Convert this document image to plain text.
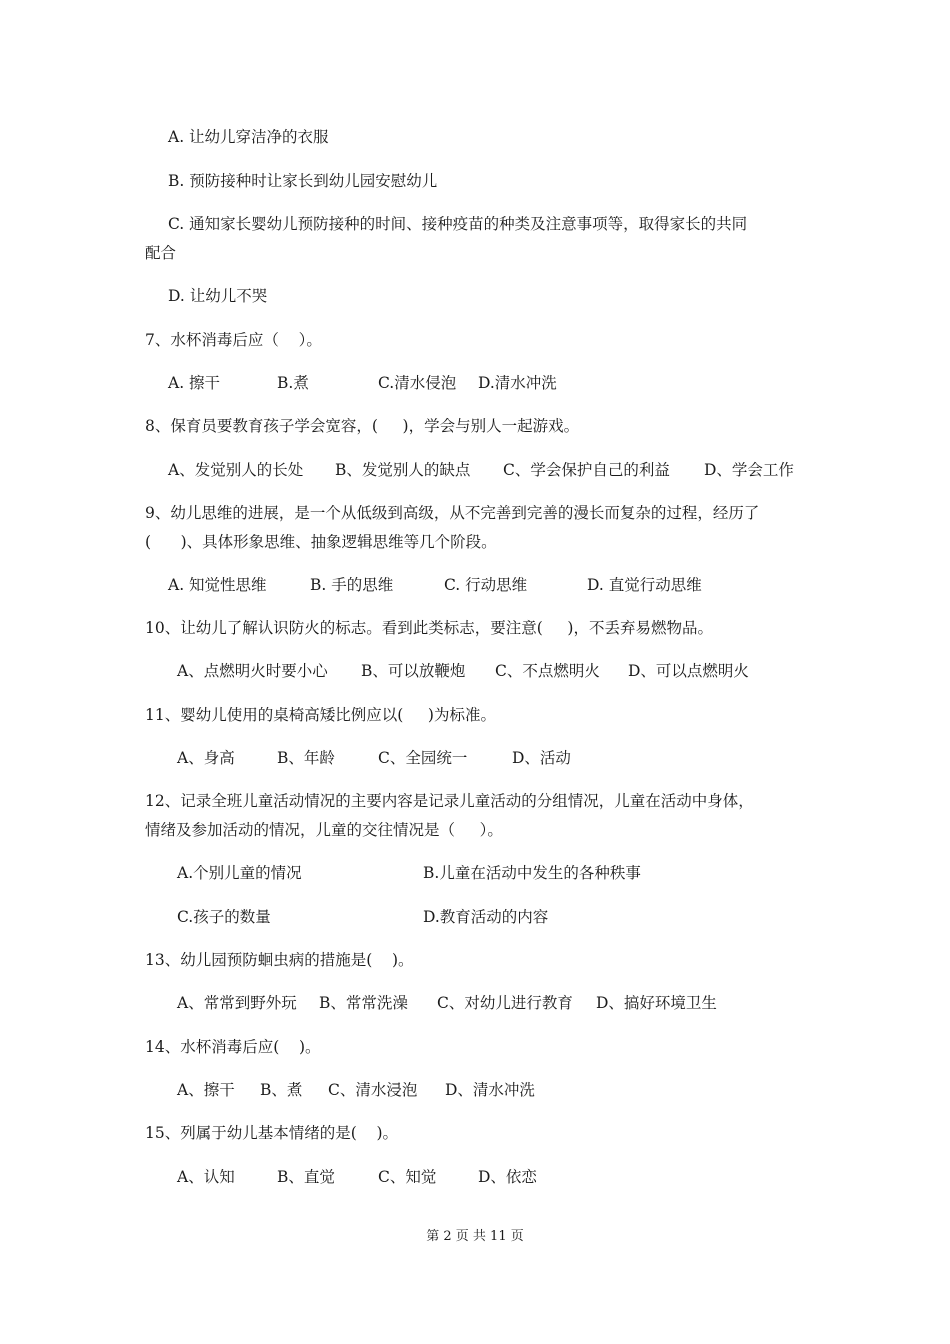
A. 让幼儿穿洁净的衣服
B. 预防接种时让家长到幼儿园安慰幼儿
C. 通知家长婴幼儿预防接种的时间、接种疫苗的种类及注意事项等，取得家长的共同
配合
D. 让幼儿不哭
7、水杯消毒后应（    ）。
A. 擦干	B.煮	C.清水侵泡 D.清水冲洗
8、保育员要教育孩子学会宽容，(     )，学会与别人一起游戏。
A、发觉别人的长处 B、发觉别人的缺点 C、学会保护自己的利益 D、学会工作
9、幼儿思维的进展，是一个从低级到高级，从不完善到完善的漫长而复杂的过程，经历了
(      )、具体形象思维、抽象逻辑思维等几个阶段。
A. 知觉性思维	B. 手的思维	C. 行动思维	D. 直觉行动思维
10、让幼儿了解认识防火的标志。看到此类标志，要注意(     )，不丢弃易燃物品。
A、点燃明火时要小心 B、可以放鞭炮 C、不点燃明火 D、可以点燃明火
11、婴幼儿使用的桌椅高矮比例应以(     )为标准。
A、身高	B、年龄	C、全园统一	D、活动
12、记录全班儿童活动情况的主要内容是记录儿童活动的分组情况，儿童在活动中身体，
情绪及参加活动的情况，儿童的交往情况是（     ）。
A.个别儿童的情况	B.儿童在活动中发生的各种秩事
C.孩子的数量	D.教育活动的内容
13、幼儿园预防蛔虫病的措施是(    )。
A、常常到野外玩 B、常常洗澡 C、对幼儿进行教育 D、搞好环境卫生
14、水杯消毒后应(    )。
A、擦干 B、煮 C、清水浸泡 D、清水冲洗
15、列属于幼儿基本情绪的是(    )。
A、认知	B、直觉	C、知觉	D、依恋
第 2 页 共 11 页
